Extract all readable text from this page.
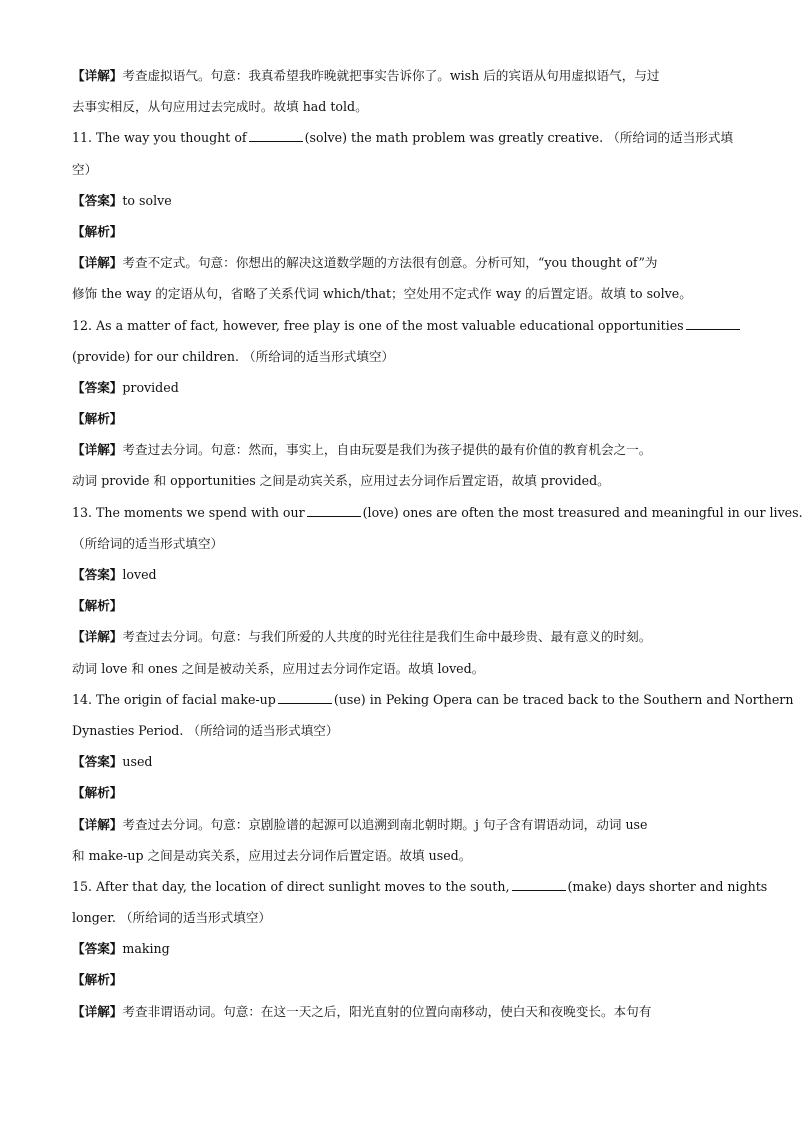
【详解】考查虚拟语气。句意：我真希望我昨晚就把事实告诉你了。wish 后的宾语从句用虚拟语气，与过
去事实相反，从句应用过去完成时。故填 had told。
11. The way you thought of	(solve) the math problem was greatly creative. （所给词的适当形式填
空）
【答案】to solve
【解析】
【详解】考查不定式。句意：你想出的解决这道数学题的方法很有创意。分析可知，“you thought of”为
修饰 the way 的定语从句，省略了关系代词 which/that；空处用不定式作 way 的后置定语。故填 to solve。
12. As a matter of fact, however, free play is one of the most valuable educational opportunities
(provide) for our children. （所给词的适当形式填空）
【答案】provided
【解析】
【详解】考查过去分词。句意：然而，事实上，自由玩耍是我们为孩子提供的最有价值的教育机会之一。
动词 provide 和 opportunities 之间是动宾关系，应用过去分词作后置定语，故填 provided。
13. The moments we spend with our	(love) ones are often the most treasured and meaningful in our lives.
（所给词的适当形式填空）
【答案】loved
【解析】
【详解】考查过去分词。句意：与我们所爱的人共度的时光往往是我们生命中最珍贵、最有意义的时刻。
动词 love 和 ones 之间是被动关系，应用过去分词作定语。故填 loved。
14. The origin of facial make-up	(use) in Peking Opera can be traced back to the Southern and Northern
Dynasties Period. （所给词的适当形式填空）
【答案】used
【解析】
【详解】考查过去分词。句意：京剧脸谱的起源可以追溯到南北朝时期。j 句子含有谓语动词，动词 use
和 make-up 之间是动宾关系，应用过去分词作后置定语。故填 used。
15. After that day, the location of direct sunlight moves to the south,	(make) days shorter and nights
longer. （所给词的适当形式填空）
【答案】making
【解析】
【详解】考查非谓语动词。句意：在这一天之后，阳光直射的位置向南移动，使白天和夜晚变长。本句有
